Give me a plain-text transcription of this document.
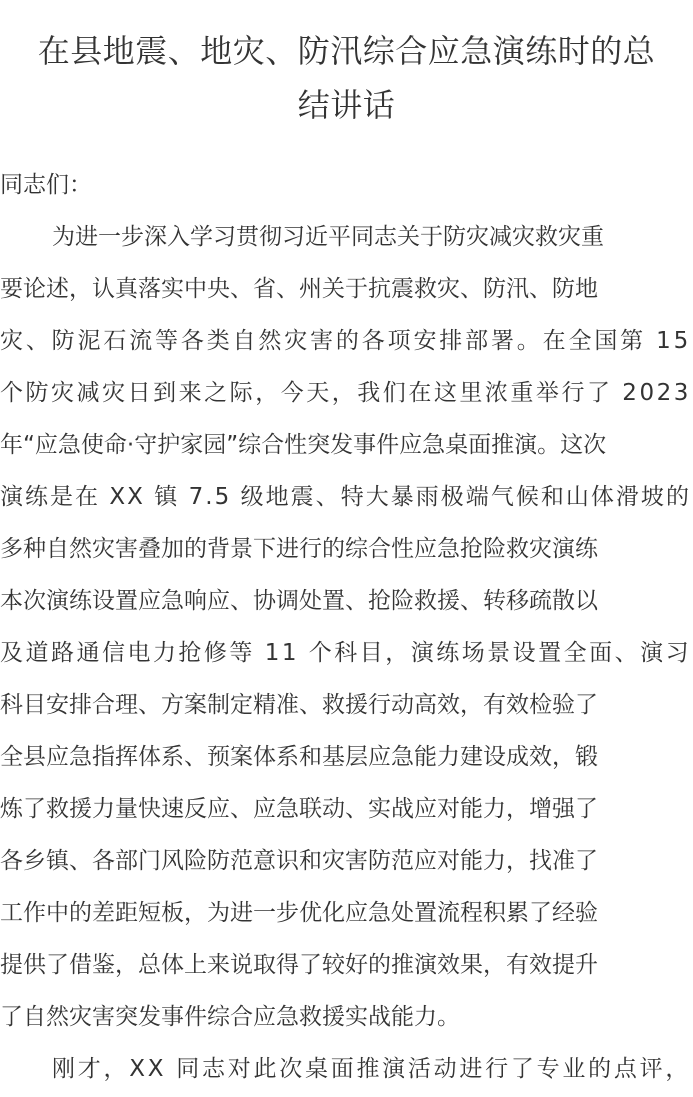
在县地震、地灾、防汛综合应急演练时的总
结讲话
同志们：
为进一步深入学习贯彻习近平同志关于防灾减灾救灾重
要论述，认真落实中央、省、州关于抗震救灾、防汛、防地
灾、防泥石流等各类自然灾害的各项安排部署。在全国第 15
个防灾减灾日到来之际，今天，我们在这里浓重举行了 2023
年“应急使命·守护家园”综合性突发事件应急桌面推演。这次
演练是在 XX 镇 7.5 级地震、特大暴雨极端气候和山体滑坡的
多种自然灾害叠加的背景下进行的综合性应急抢险救灾演练
本次演练设置应急响应、协调处置、抢险救援、转移疏散以
及道路通信电力抢修等 11 个科目，演练场景设置全面、演习
科目安排合理、方案制定精准、救援行动高效，有效检验了
全县应急指挥体系、预案体系和基层应急能力建设成效，锻
炼了救援力量快速反应、应急联动、实战应对能力，增强了
各乡镇、各部门风险防范意识和灾害防范应对能力，找准了
工作中的差距短板，为进一步优化应急处置流程积累了经验
提供了借鉴，总体上来说取得了较好的推演效果，有效提升
了自然灾害突发事件综合应急救援实战能力。
刚才，XX 同志对此次桌面推演活动进行了专业的点评，
